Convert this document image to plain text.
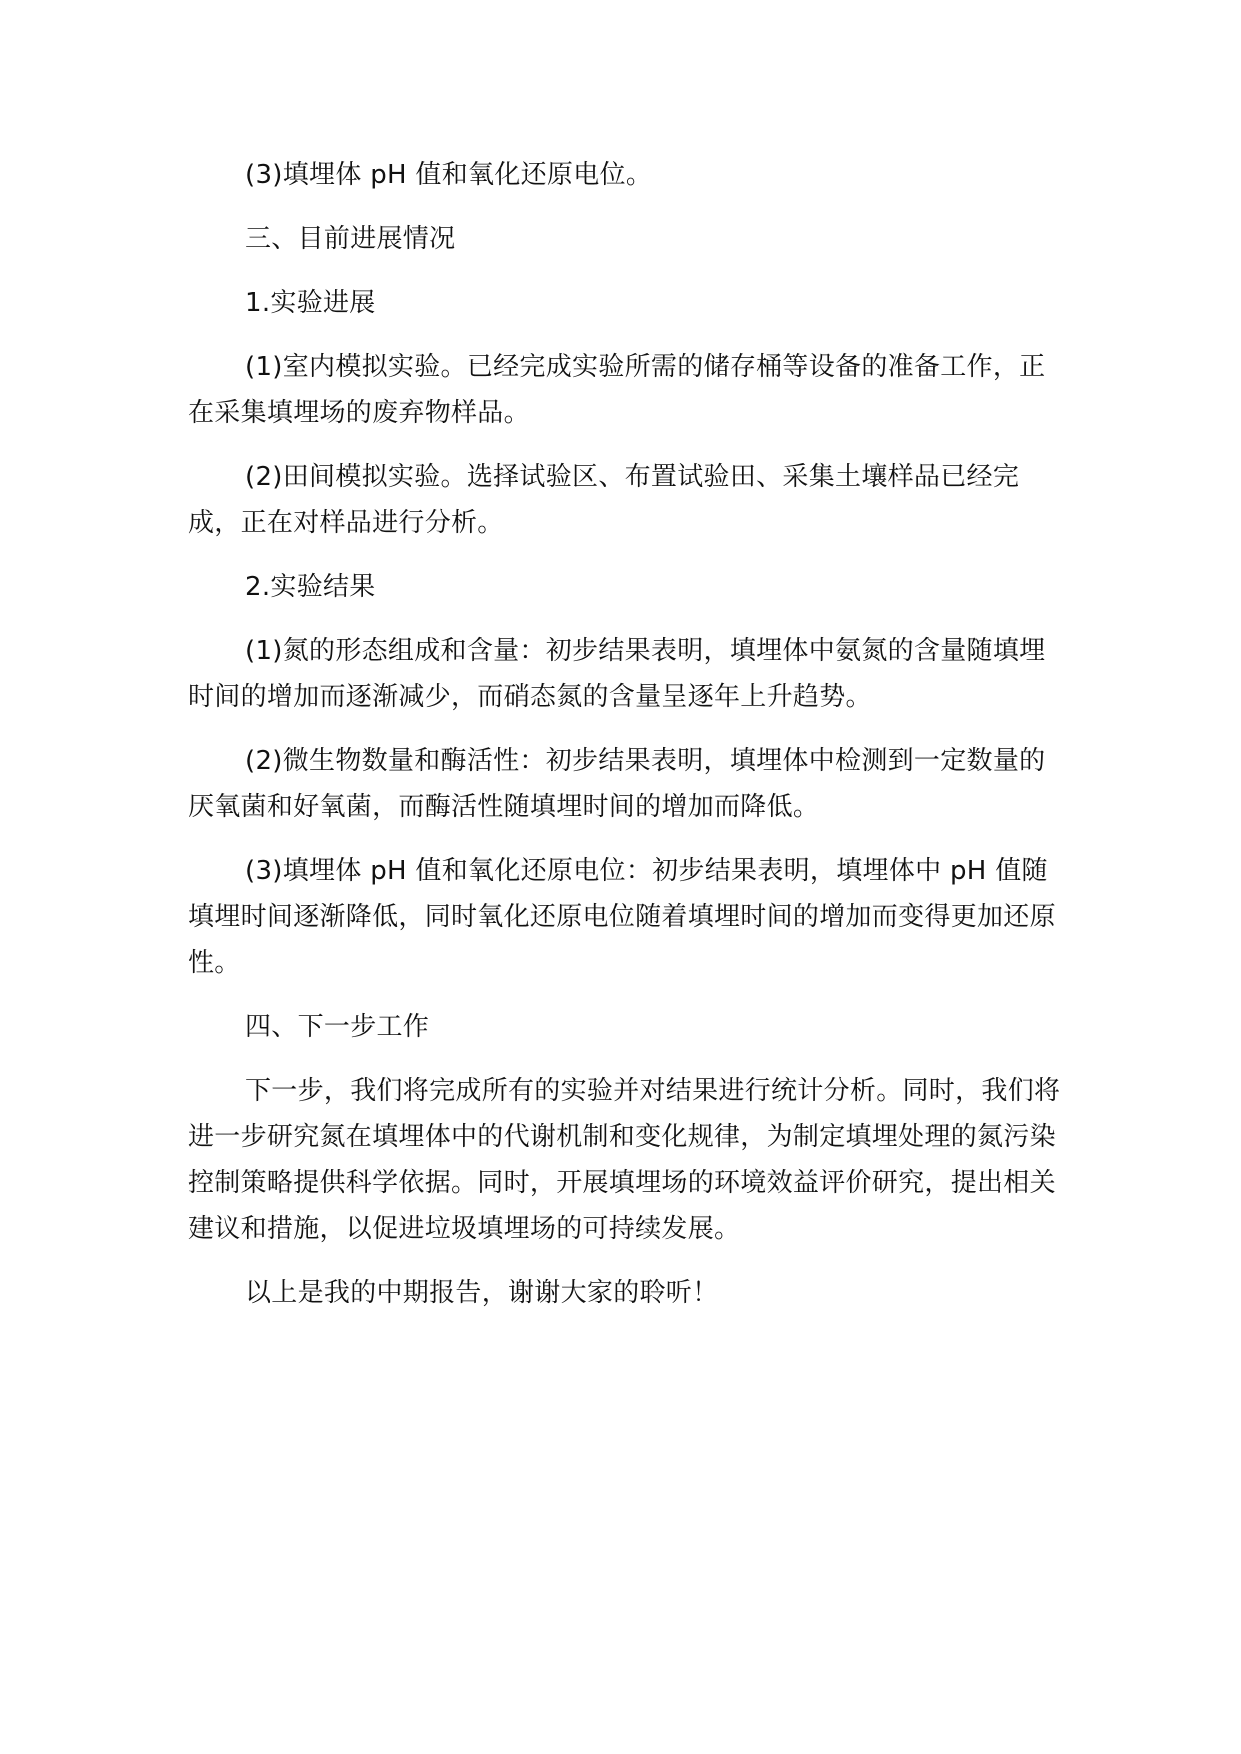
(3)填埋体 pH 值和氧化还原电位。

三、目前进展情况

1.实验进展

(1)室内模拟实验。已经完成实验所需的储存桶等设备的准备工作，正在采集填埋场的废弃物样品。

(2)田间模拟实验。选择试验区、布置试验田、采集土壤样品已经完成，正在对样品进行分析。

2.实验结果

(1)氮的形态组成和含量：初步结果表明，填埋体中氨氮的含量随填埋时间的增加而逐渐减少，而硝态氮的含量呈逐年上升趋势。

(2)微生物数量和酶活性：初步结果表明，填埋体中检测到一定数量的厌氧菌和好氧菌，而酶活性随填埋时间的增加而降低。

(3)填埋体 pH 值和氧化还原电位：初步结果表明，填埋体中 pH 值随填埋时间逐渐降低，同时氧化还原电位随着填埋时间的增加而变得更加还原性。

四、下一步工作

下一步，我们将完成所有的实验并对结果进行统计分析。同时，我们将进一步研究氮在填埋体中的代谢机制和变化规律，为制定填埋处理的氮污染控制策略提供科学依据。同时，开展填埋场的环境效益评价研究，提出相关建议和措施，以促进垃圾填埋场的可持续发展。

以上是我的中期报告，谢谢大家的聆听！
